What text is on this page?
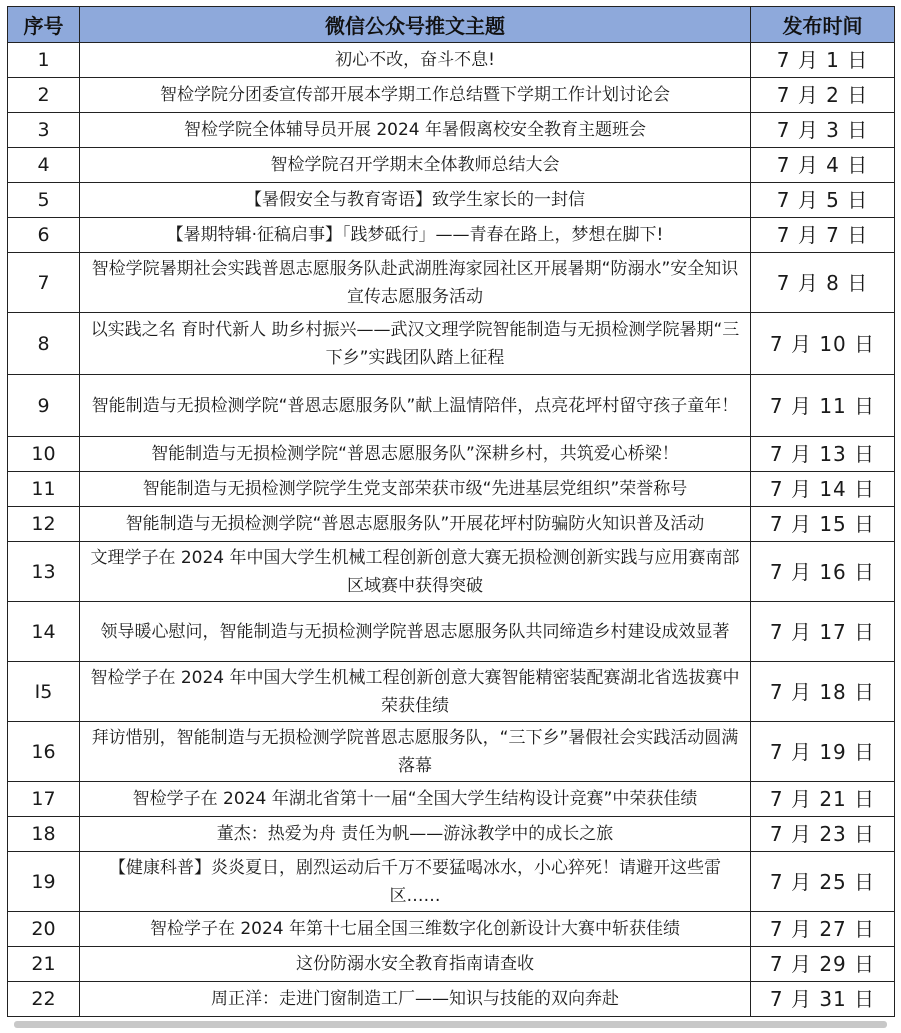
序号	微信公众号推文主题	发布时间
1	初心不改，奋斗不息!	7 月 1 日
2	智检学院分团委宣传部开展本学期工作总结暨下学期工作计划讨论会	7 月 2 日
3	智检学院全体辅导员开展 2024 年暑假离校安全教育主题班会	7 月 3 日
4	智检学院召开学期末全体教师总结大会	7 月 4 日
5	【暑假安全与教育寄语】致学生家长的一封信	7 月 5 日
6	【暑期特辑·征稿启事】「践梦砥行」——青春在路上，梦想在脚下!	7 月 7 日
7	智检学院暑期社会实践普恩志愿服务队赴武湖胜海家园社区开展暑期“防溺水”安全知识宣传志愿服务活动	7 月 8 日
8	以实践之名 育时代新人 助乡村振兴——武汉文理学院智能制造与无损检测学院暑期“三下乡”实践团队踏上征程	7 月 10 日
9	智能制造与无损检测学院“普恩志愿服务队”献上温情陪伴，点亮花坪村留守孩子童年！	7 月 11 日
10	智能制造与无损检测学院“普恩志愿服务队”深耕乡村，共筑爱心桥梁！	7 月 13 日
11	智能制造与无损检测学院学生党支部荣获市级“先进基层党组织”荣誉称号	7 月 14 日
12	智能制造与无损检测学院“普恩志愿服务队”开展花坪村防骗防火知识普及活动	7 月 15 日
13	文理学子在 2024 年中国大学生机械工程创新创意大赛无损检测创新实践与应用赛南部区域赛中获得突破	7 月 16 日
14	领导暖心慰问，智能制造与无损检测学院普恩志愿服务队共同缔造乡村建设成效显著	7 月 17 日
I5	智检学子在 2024 年中国大学生机械工程创新创意大赛智能精密装配赛湖北省选拔赛中荣获佳绩	7 月 18 日
16	拜访惜别，智能制造与无损检测学院普恩志愿服务队，“三下乡”暑假社会实践活动圆满落幕	7 月 19 日
17	智检学子在 2024 年湖北省第十一届“全国大学生结构设计竞赛”中荣获佳绩	7 月 21 日
18	董杰：热爱为舟 责任为帆——游泳教学中的成长之旅	7 月 23 日
19	【健康科普】炎炎夏日，剧烈运动后千万不要猛喝冰水，小心猝死！请避开这些雷区……	7 月 25 日
20	智检学子在 2024 年第十七届全国三维数字化创新设计大赛中斩获佳绩	7 月 27 日
21	这份防溺水安全教育指南请查收	7 月 29 日
22	周正洋：走进门窗制造工厂——知识与技能的双向奔赴	7 月 31 日
